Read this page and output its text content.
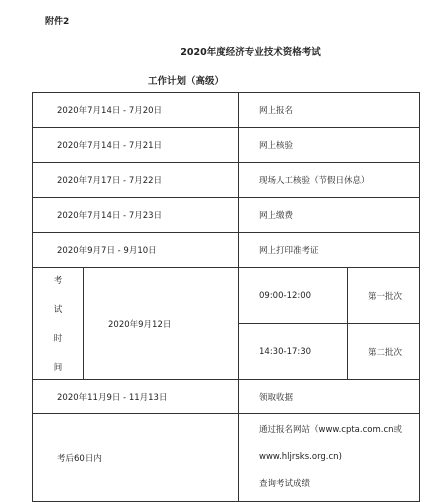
附件2
2020年度经济专业技术资格考试
工作计划（高级）
2020年7月14日 - 7月20日		网上报名	
2020年7月14日 - 7月21日		网上核验	
2020年7月17日 - 7月22日		现场人工核验（节假日休息）	
2020年7月14日 - 7月23日		网上缴费	
2020年9月7日 - 9月10日		网上打印准考证	

考
试
时
间	2020年9月12日	09:00-12:00	第一批次
		14:30-17:30	第二批次
2020年11月9日 - 11月13日		领取收据	
考后60日内		通过报名网站（www.cpta.com.cn或
www.hljrsks.org.cn)
查询考试成绩	
